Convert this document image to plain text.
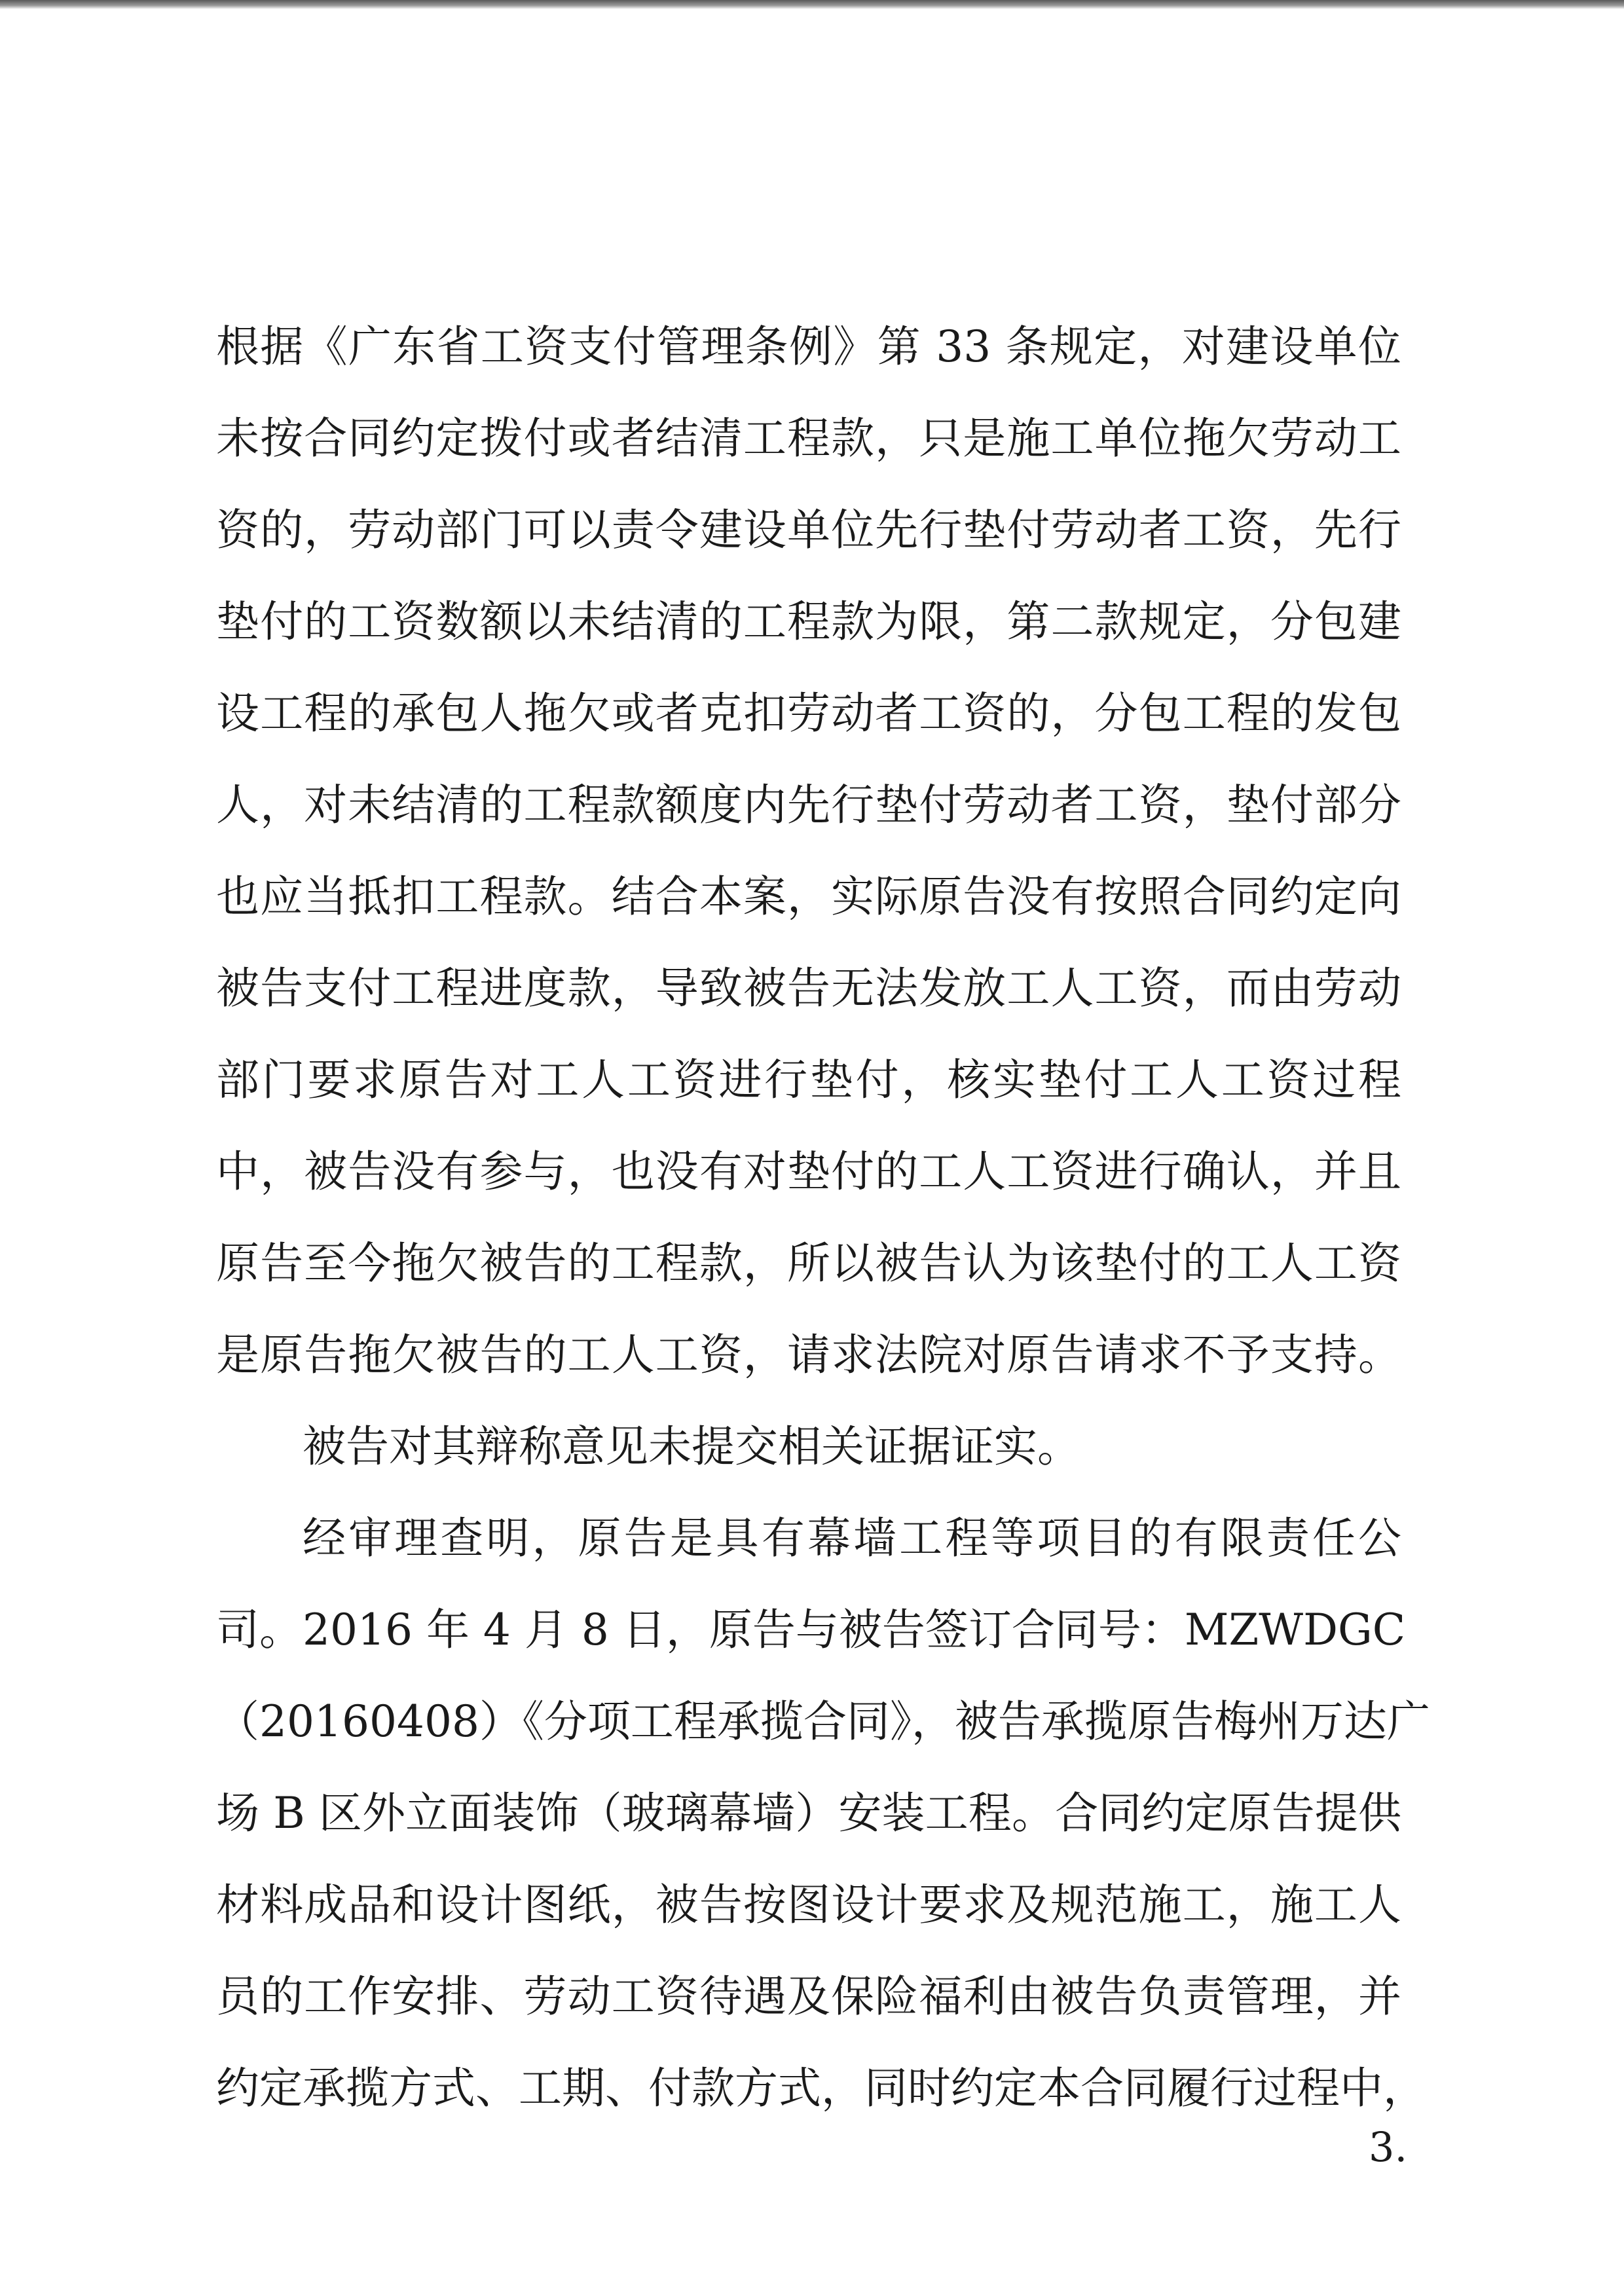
根据《广东省工资支付管理条例》第 33 条规定，对建设单位
未按合同约定拨付或者结清工程款，只是施工单位拖欠劳动工
资的，劳动部门可以责令建设单位先行垫付劳动者工资，先行
垫付的工资数额以未结清的工程款为限，第二款规定，分包建
设工程的承包人拖欠或者克扣劳动者工资的，分包工程的发包
人，对未结清的工程款额度内先行垫付劳动者工资，垫付部分
也应当抵扣工程款。结合本案，实际原告没有按照合同约定向
被告支付工程进度款，导致被告无法发放工人工资，而由劳动
部门要求原告对工人工资进行垫付，核实垫付工人工资过程
中，被告没有参与，也没有对垫付的工人工资进行确认，并且
原告至今拖欠被告的工程款，所以被告认为该垫付的工人工资
是原告拖欠被告的工人工资，请求法院对原告请求不予支持。
被告对其辩称意见未提交相关证据证实。
经审理查明，原告是具有幕墙工程等项目的有限责任公
司。2016 年 4 月 8 日，原告与被告签订合同号：MZWDGC
（20160408）《分项工程承揽合同》，被告承揽原告梅州万达广
场 B 区外立面装饰（玻璃幕墙）安装工程。合同约定原告提供
材料成品和设计图纸，被告按图设计要求及规范施工，施工人
员的工作安排、劳动工资待遇及保险福利由被告负责管理，并
约定承揽方式、工期、付款方式，同时约定本合同履行过程中，
3.
